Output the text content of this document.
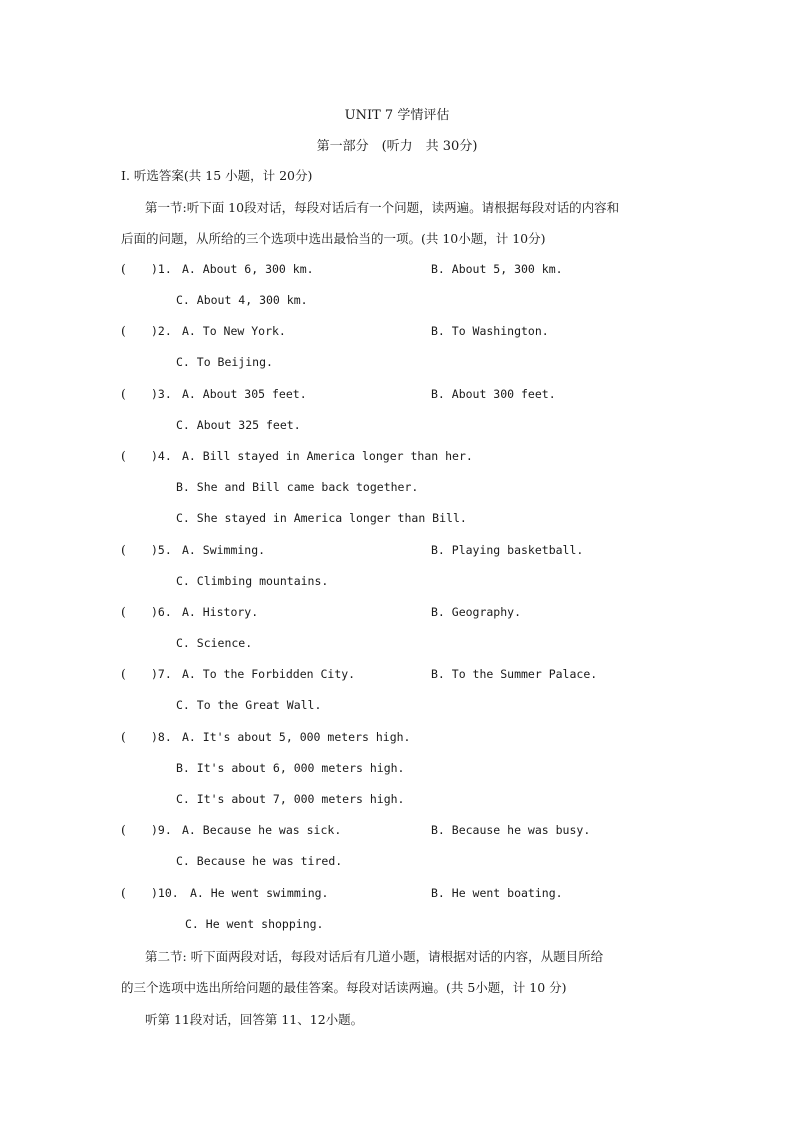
UNIT 7 学情评估
第一部分　(听力　共 30分)
Ⅰ. 听选答案(共 15 小题，计 20分)
第一节:听下面 10段对话，每段对话后有一个问题，读两遍。请根据每段对话的内容和
后面的问题，从所给的三个选项中选出最恰当的一项。(共 10小题，计 10分)
( )1. A. About 6, 300 km.	B. About 5, 300 km.
C. About 4, 300 km.
( )2. A. To New York.	B. To Washington.
C. To Beijing.
( )3. A. About 305 feet.	B. About 300 feet.
C. About 325 feet.
( )4. A. Bill stayed in America longer than her.
B. She and Bill came back together.
C. She stayed in America longer than Bill.
( )5. A. Swimming.	B. Playing basketball.
C. Climbing mountains.
( )6. A. History.	B. Geography.
C. Science.
( )7. A. To the Forbidden City.	B. To the Summer Palace.
C. To the Great Wall.
( )8. A. It's about 5, 000 meters high.
B. It's about 6, 000 meters high.
C. It's about 7, 000 meters high.
( )9. A. Because he was sick.	B. Because he was busy.
C. Because he was tired.
( )10. A. He went swimming.	B. He went boating.
C. He went shopping.
第二节: 听下面两段对话，每段对话后有几道小题，请根据对话的内容，从题目所给
的三个选项中选出所给问题的最佳答案。每段对话读两遍。(共 5小题，计 10 分)
听第 11段对话，回答第 11、12小题。
